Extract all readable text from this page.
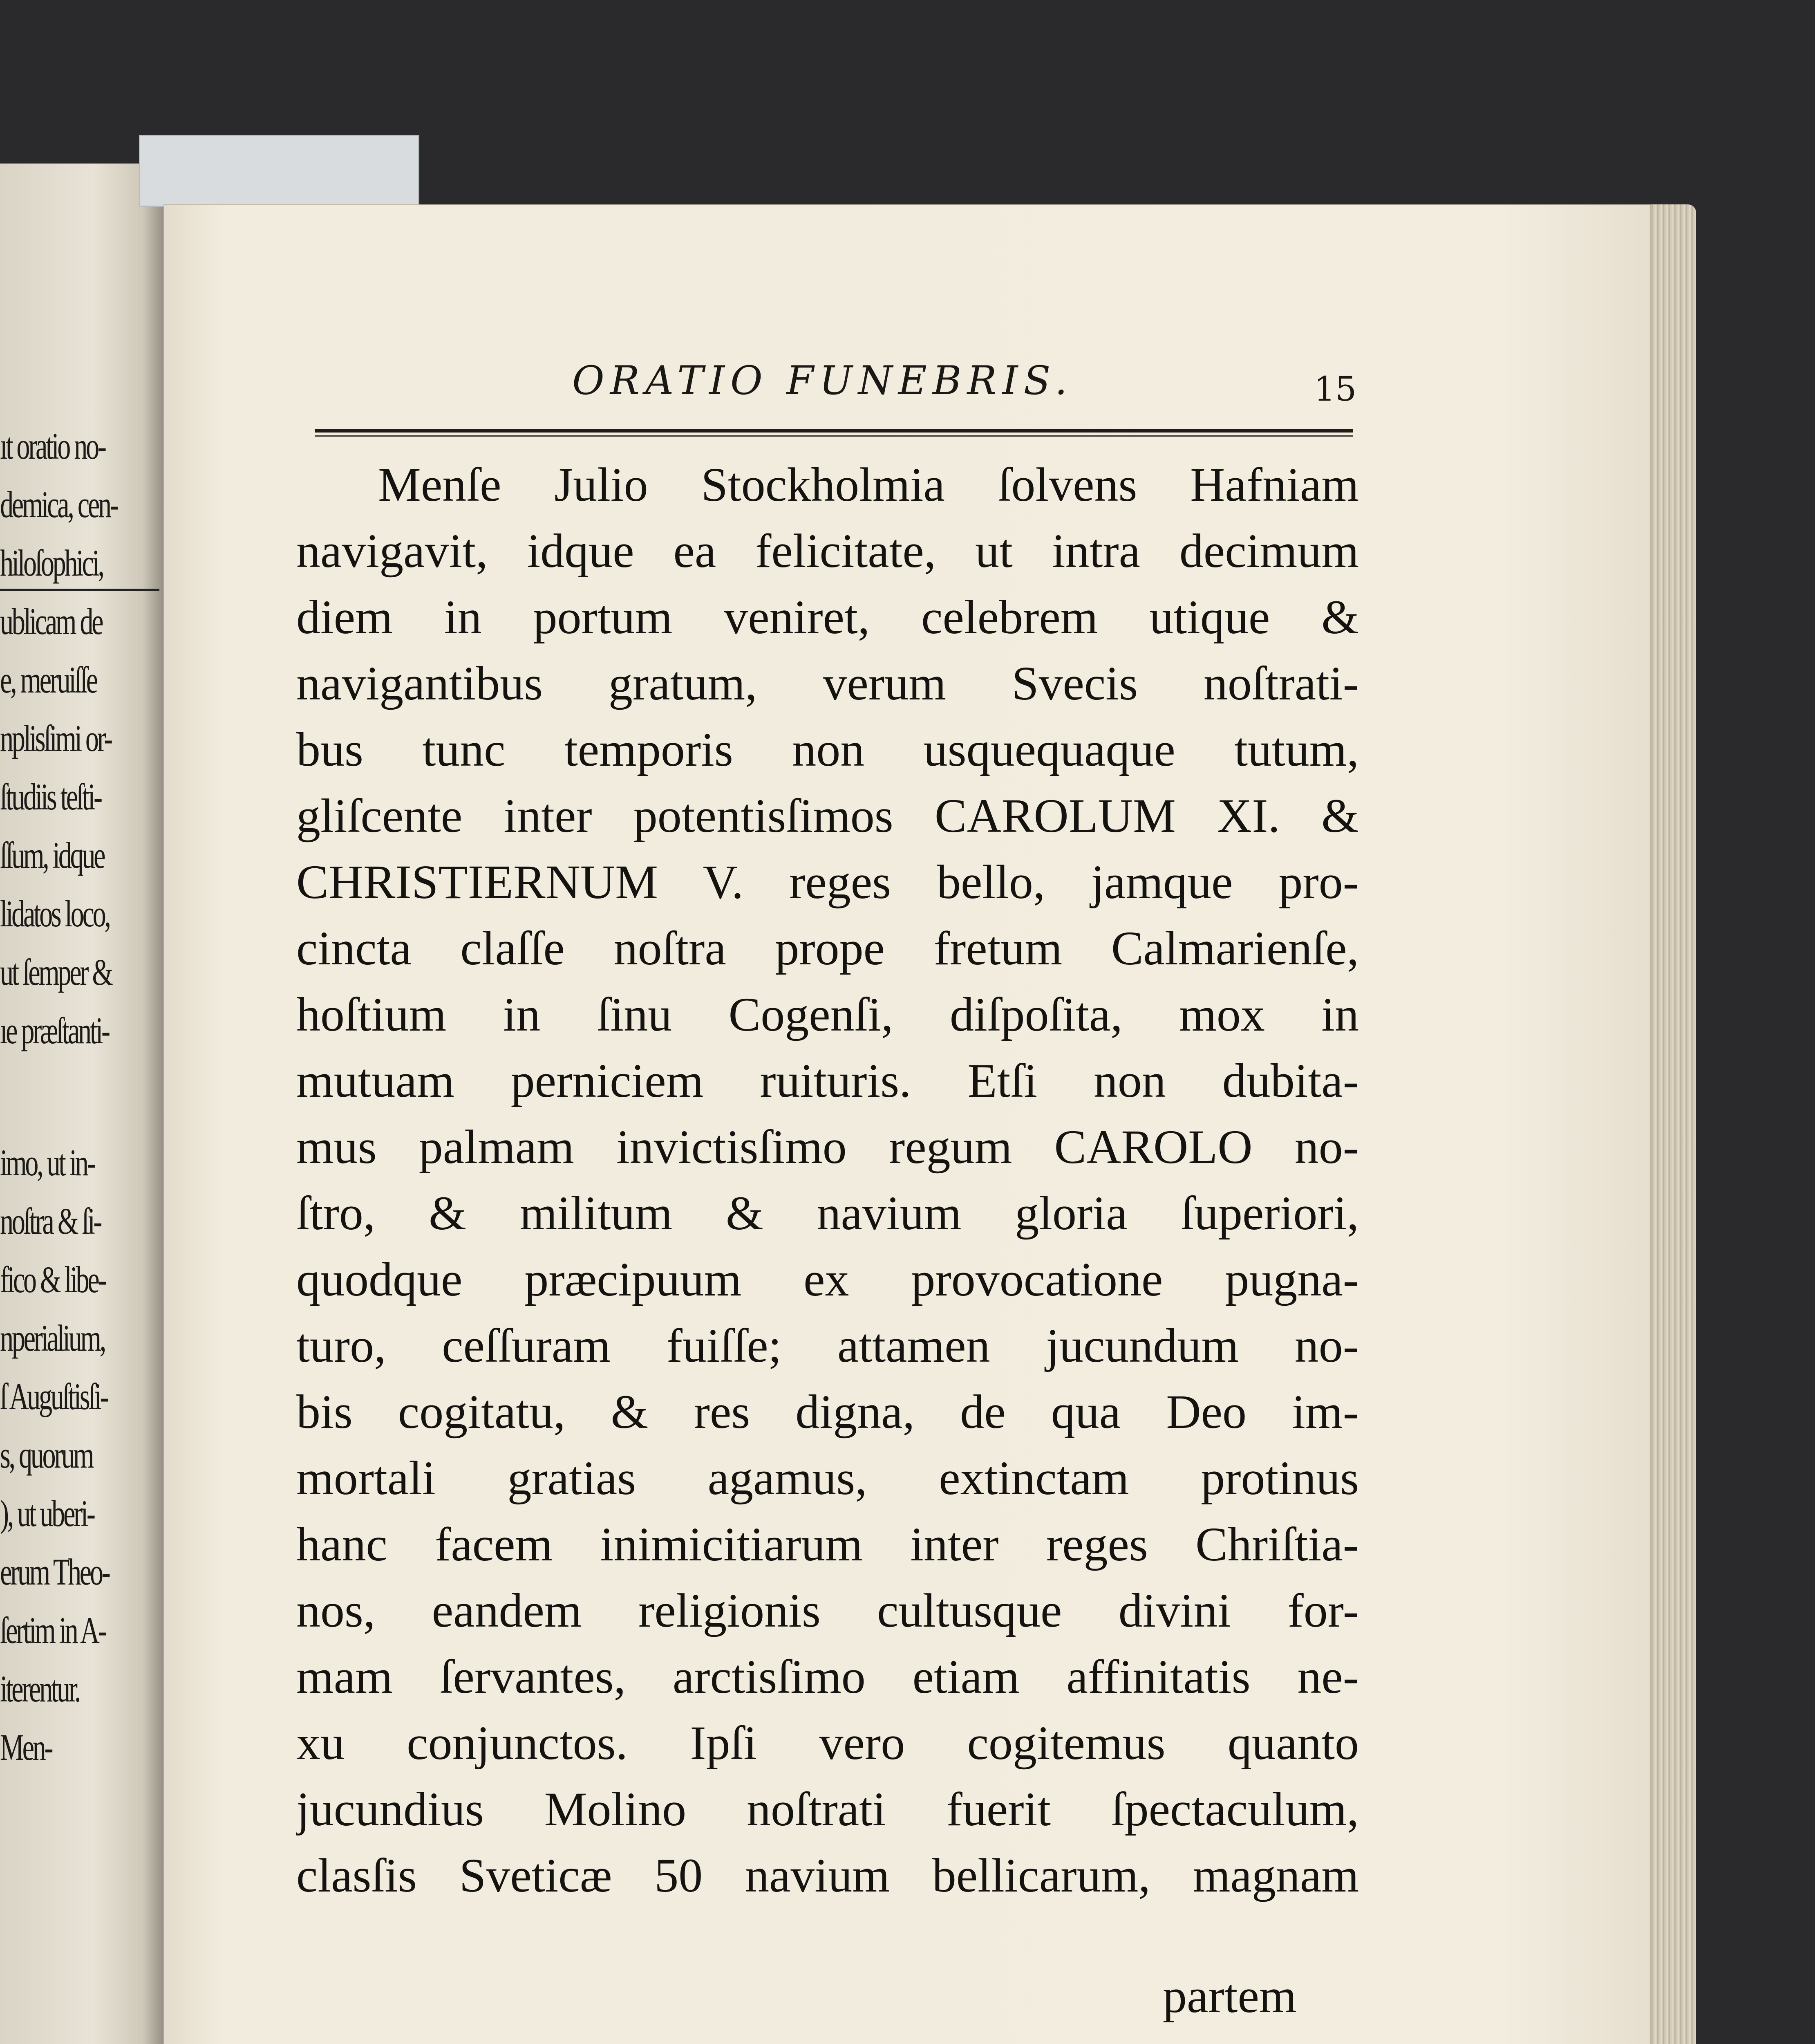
ıt oratio no-
demica, cen-
hiloſophici,
ublicam de
e, meruiſſe
nplisſimi or-
ſtudiis teſti-
ſſum, idque
lidatos loco,
ut ſemper &
ıe præſtanti-
imo, ut in-
noſtra & ſi-
fico & libe-
nperialium,
ſ Auguſtisſi-
s, quorum
), ut uberi-
erum Theo-
ſertim in A-
iterentur.
Men-
ORATIO FUNEBRIS.	15
Menſe Julio Stockholmia ſolvens Hafniam
navigavit, idque ea felicitate, ut intra decimum
diem in portum veniret, celebrem utique &
navigantibus gratum, verum Svecis noſtrati-
bus tunc temporis non usquequaque tutum,
gliſcente inter potentisſimos CAROLUM XI. &
CHRISTIERNUM V. reges bello, jamque pro-
cincta claſſe noſtra prope fretum Calmarienſe,
hoſtium in ſinu Cogenſi, diſpoſita, mox in
mutuam perniciem ruituris. Etſi non dubita-
mus palmam invictisſimo regum CAROLO no-
ſtro, & militum & navium gloria ſuperiori,
quodque præcipuum ex provocatione pugna-
turo, ceſſuram fuiſſe; attamen jucundum no-
bis cogitatu, & res digna, de qua Deo im-
mortali gratias agamus, extinctam protinus
hanc facem inimicitiarum inter reges Chriſtia-
nos, eandem religionis cultusque divini for-
mam ſervantes, arctisſimo etiam affinitatis ne-
xu conjunctos. Ipſi vero cogitemus quanto
jucundius Molino noſtrati fuerit ſpectaculum,
clasſis Sveticæ 50 navium bellicarum, magnam
partem
